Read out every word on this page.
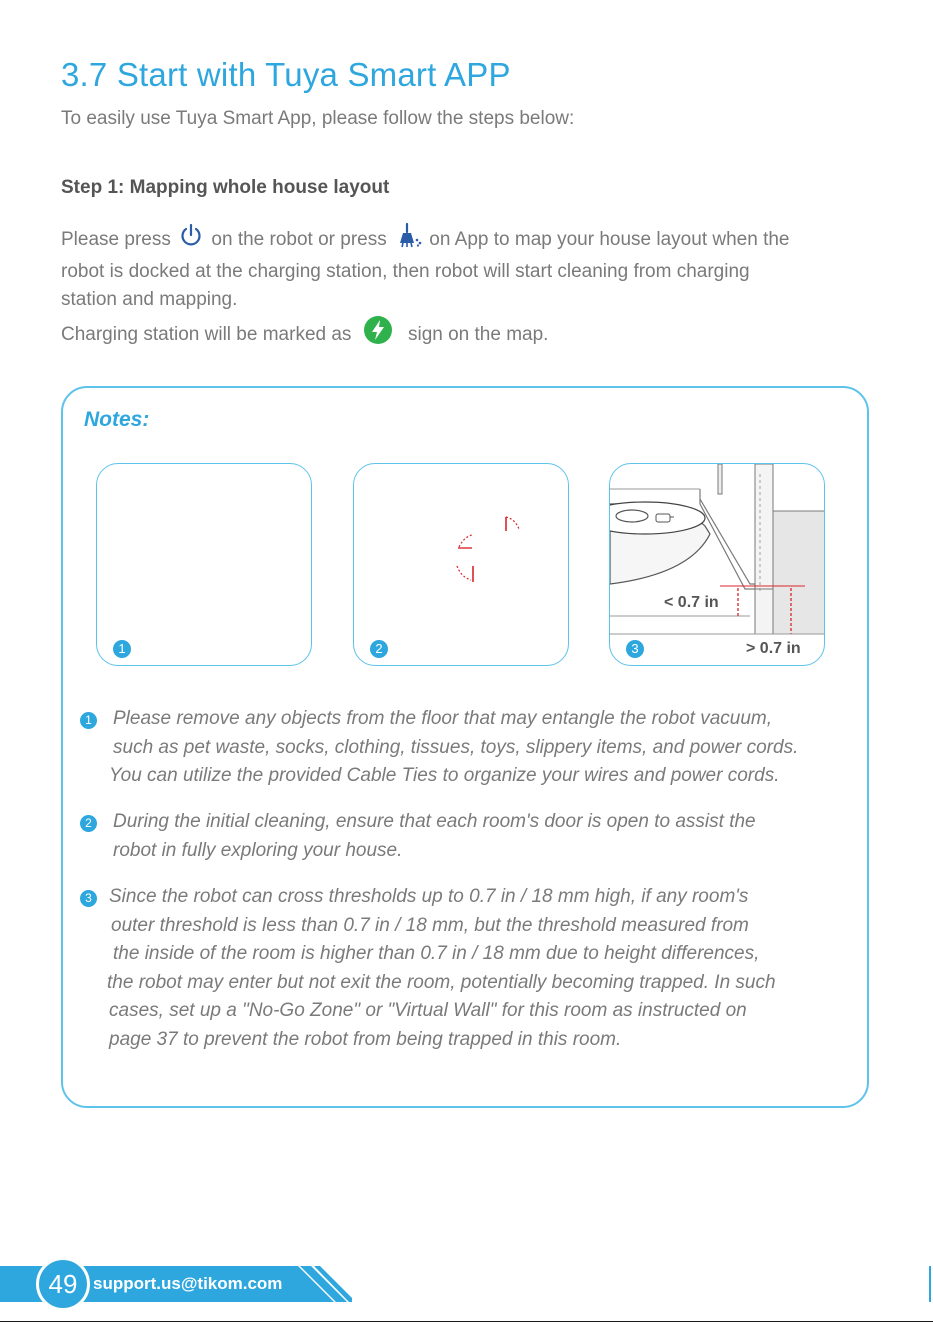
3.7 Start with Tuya Smart APP

To easily use Tuya Smart App, please follow the steps below:

Step 1: Mapping whole house layout
Please press on the robot or press on App to map your house layout when the
robot is docked at the charging station, then robot will start cleaning from charging
station and mapping.
Charging station will be marked as	sign on the map.

Notes:

1	2
< 0.7 in
> 0.7 in
3
1 Please remove any objects from the floor that may entangle the robot vacuum,
such as pet waste, socks, clothing, tissues, toys, slippery items, and power cords.
You can utilize the provided Cable Ties to organize your wires and power cords.
2 During the initial cleaning, ensure that each room's door is open to assist the
robot in fully exploring your house.
3 Since the robot can cross thresholds up to 0.7 in / 18 mm high, if any room's
outer threshold is less than 0.7 in / 18 mm, but the threshold measured from
the inside of the room is higher than 0.7 in / 18 mm due to height differences,
the robot may enter but not exit the room, potentially becoming trapped. In such
cases, set up a "No-Go Zone" or "Virtual Wall" for this room as instructed on
page 37 to prevent the robot from being trapped in this room.
49 support.us@tikom.com
